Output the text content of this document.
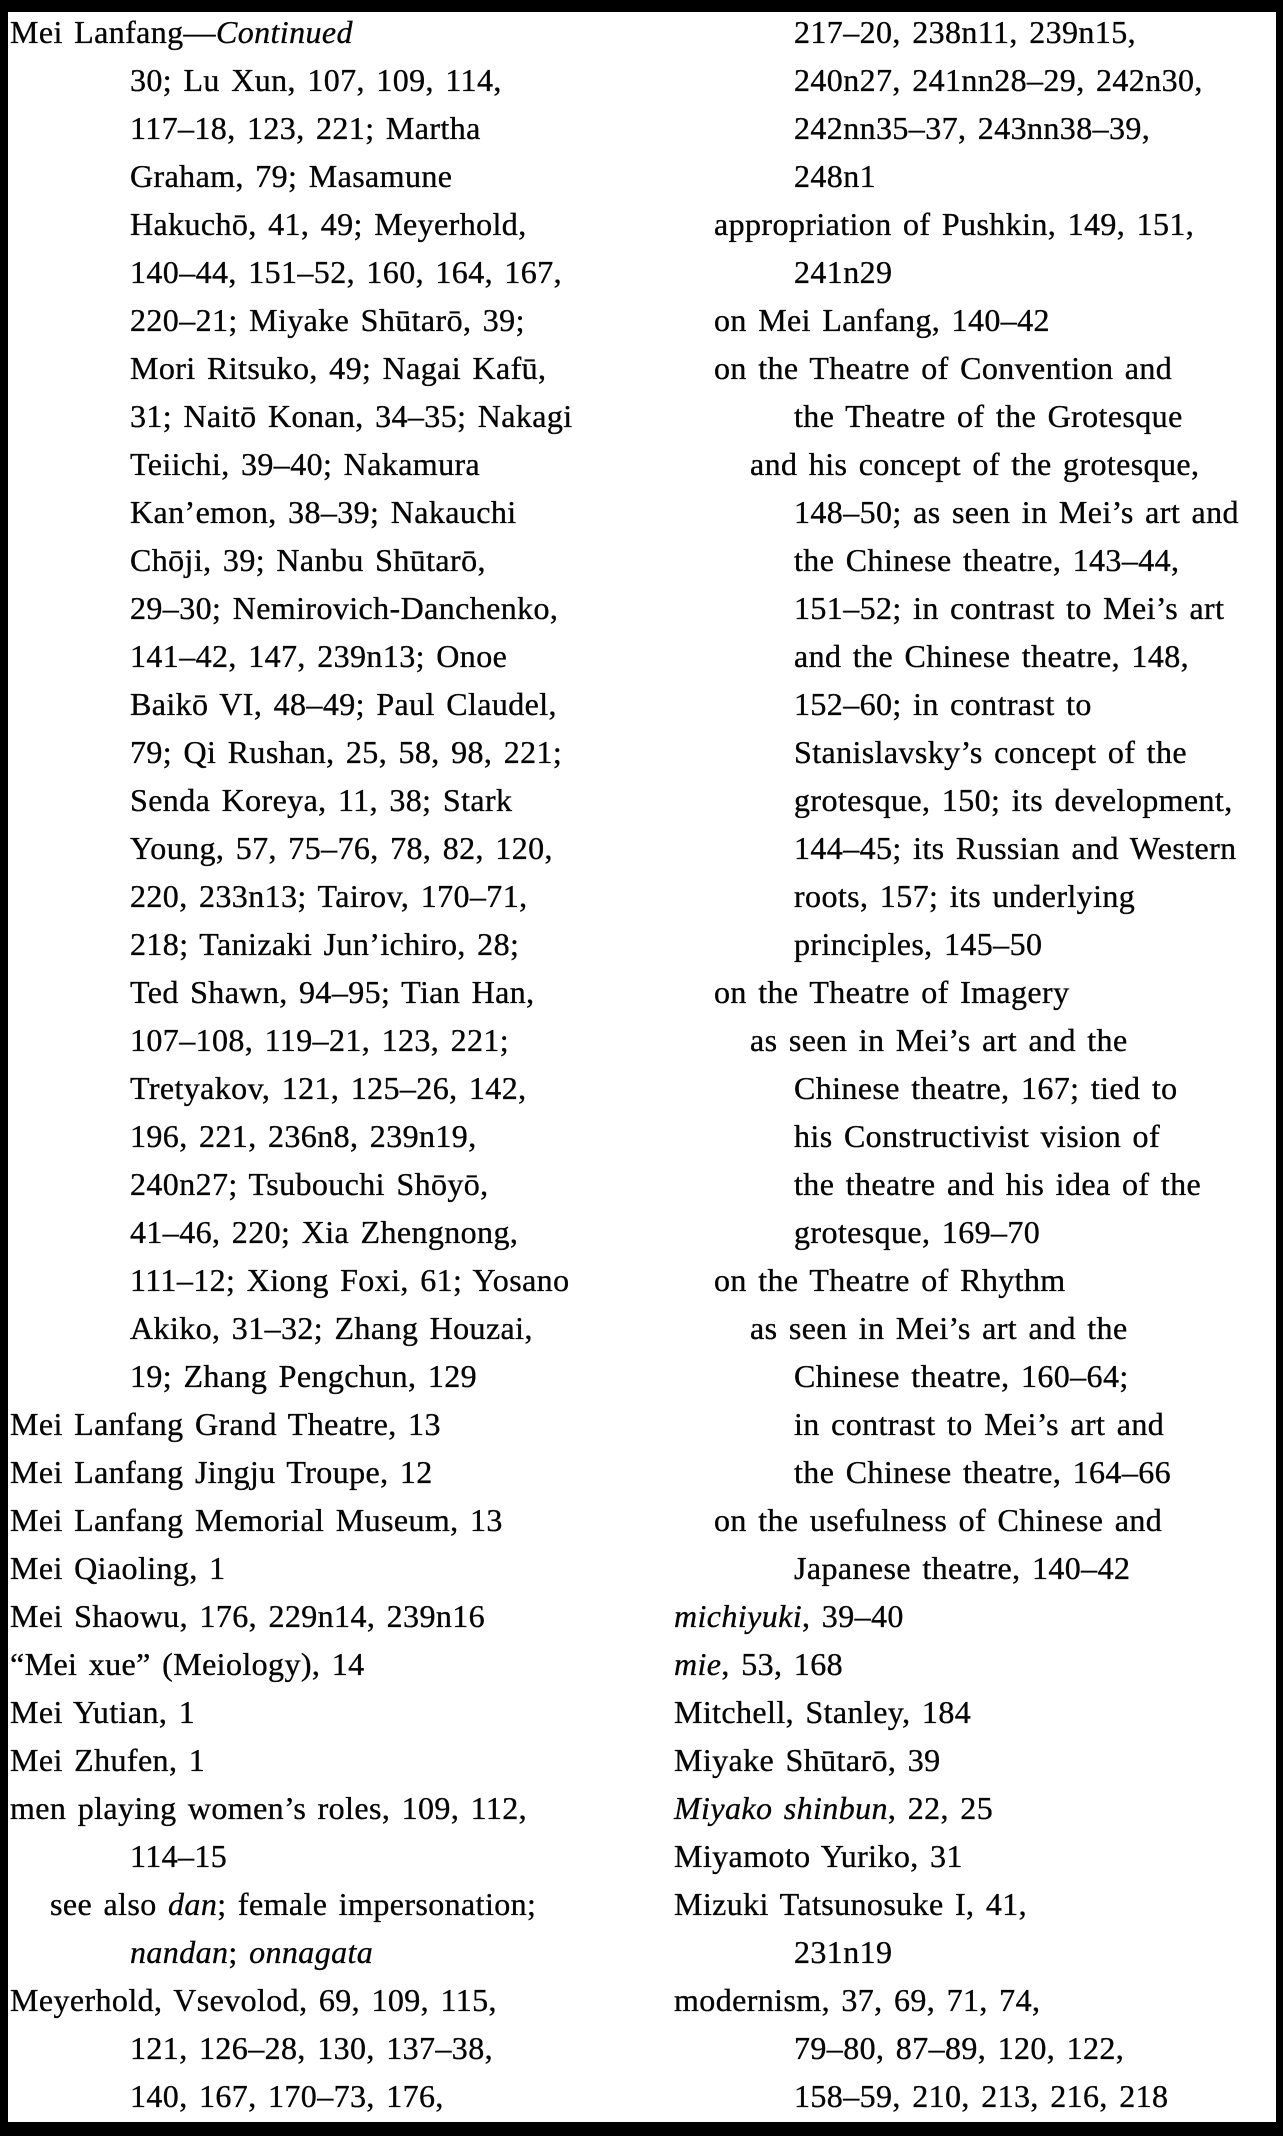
Mei Lanfang—Continued
30; Lu Xun, 107, 109, 114,
117–18, 123, 221; Martha
Graham, 79; Masamune
Hakuchō, 41, 49; Meyerhold,
140–44, 151–52, 160, 164, 167,
220–21; Miyake Shūtarō, 39;
Mori Ritsuko, 49; Nagai Kafū,
31; Naitō Konan, 34–35; Nakagi
Teiichi, 39–40; Nakamura
Kan’emon, 38–39; Nakauchi
Chōji, 39; Nanbu Shūtarō,
29–30; Nemirovich-Danchenko,
141–42, 147, 239n13; Onoe
Baikō VI, 48–49; Paul Claudel,
79; Qi Rushan, 25, 58, 98, 221;
Senda Koreya, 11, 38; Stark
Young, 57, 75–76, 78, 82, 120,
220, 233n13; Tairov, 170–71,
218; Tanizaki Jun’ichiro, 28;
Ted Shawn, 94–95; Tian Han,
107–108, 119–21, 123, 221;
Tretyakov, 121, 125–26, 142,
196, 221, 236n8, 239n19,
240n27; Tsubouchi Shōyō,
41–46, 220; Xia Zhengnong,
111–12; Xiong Foxi, 61; Yosano
Akiko, 31–32; Zhang Houzai,
19; Zhang Pengchun, 129
Mei Lanfang Grand Theatre, 13
Mei Lanfang Jingju Troupe, 12
Mei Lanfang Memorial Museum, 13
Mei Qiaoling, 1
Mei Shaowu, 176, 229n14, 239n16
“Mei xue” (Meiology), 14
Mei Yutian, 1
Mei Zhufen, 1
men playing women’s roles, 109, 112,
114–15
see also dan; female impersonation;
nandan; onnagata
Meyerhold, Vsevolod, 69, 109, 115,
121, 126–28, 130, 137–38,
140, 167, 170–73, 176,
217–20, 238n11, 239n15,
240n27, 241nn28–29, 242n30,
242nn35–37, 243nn38–39,
248n1
appropriation of Pushkin, 149, 151,
241n29
on Mei Lanfang, 140–42
on the Theatre of Convention and
the Theatre of the Grotesque
and his concept of the grotesque,
148–50; as seen in Mei’s art and
the Chinese theatre, 143–44,
151–52; in contrast to Mei’s art
and the Chinese theatre, 148,
152–60; in contrast to
Stanislavsky’s concept of the
grotesque, 150; its development,
144–45; its Russian and Western
roots, 157; its underlying
principles, 145–50
on the Theatre of Imagery
as seen in Mei’s art and the
Chinese theatre, 167; tied to
his Constructivist vision of
the theatre and his idea of the
grotesque, 169–70
on the Theatre of Rhythm
as seen in Mei’s art and the
Chinese theatre, 160–64;
in contrast to Mei’s art and
the Chinese theatre, 164–66
on the usefulness of Chinese and
Japanese theatre, 140–42
michiyuki, 39–40
mie, 53, 168
Mitchell, Stanley, 184
Miyake Shūtarō, 39
Miyako shinbun, 22, 25
Miyamoto Yuriko, 31
Mizuki Tatsunosuke I, 41,
231n19
modernism, 37, 69, 71, 74,
79–80, 87–89, 120, 122,
158–59, 210, 213, 216, 218
